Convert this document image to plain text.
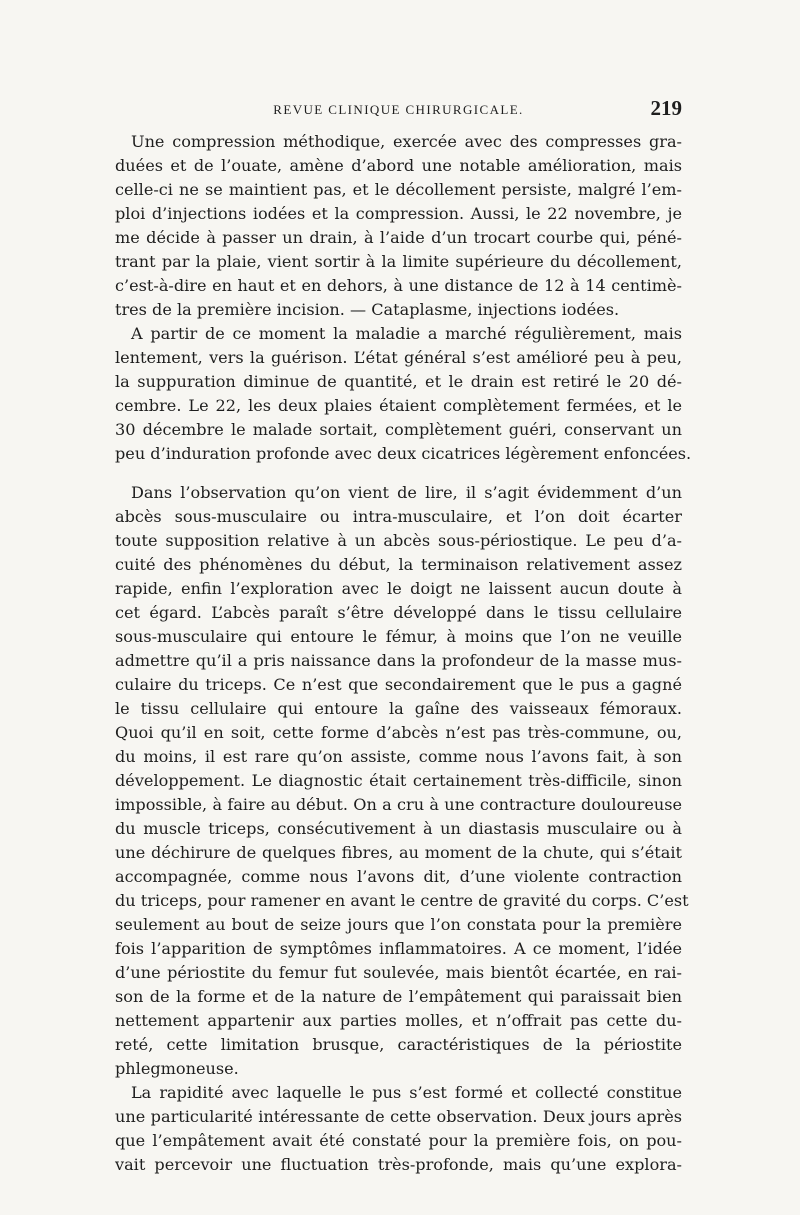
REVUE CLINIQUE CHIRURGICALE.	219
Une compression méthodique, exercée avec des compresses gra-
duées et de l’ouate, amène d’abord une notable amélioration, mais
celle-ci ne se maintient pas, et le décollement persiste, malgré l’em-
ploi d’injections iodées et la compression. Aussi, le 22 novembre, je
me décide à passer un drain, à l’aide d’un trocart courbe qui, péné-
trant par la plaie, vient sortir à la limite supérieure du décollement,
c’est-à-dire en haut et en dehors, à une distance de 12 à 14 centimè-
tres de la première incision. — Cataplasme, injections iodées.
A partir de ce moment la maladie a marché régulièrement, mais
lentement, vers la guérison. L’état général s’est amélioré peu à peu,
la suppuration diminue de quantité, et le drain est retiré le 20 dé-
cembre. Le 22, les deux plaies étaient complètement fermées, et le
30 décembre le malade sortait, complètement guéri, conservant un
peu d’induration profonde avec deux cicatrices légèrement enfoncées.
Dans l’observation qu’on vient de lire, il s’agit évidemment d’un
abcès sous-musculaire ou intra-musculaire, et l’on doit écarter
toute supposition relative à un abcès sous-périostique. Le peu d’a-
cuité des phénomènes du début, la terminaison relativement assez
rapide, enfin l’exploration avec le doigt ne laissent aucun doute à
cet égard. L’abcès paraît s’être développé dans le tissu cellulaire
sous-musculaire qui entoure le fémur, à moins que l’on ne veuille
admettre qu’il a pris naissance dans la profondeur de la masse mus-
culaire du triceps. Ce n’est que secondairement que le pus a gagné
le tissu cellulaire qui entoure la gaîne des vaisseaux fémoraux.
Quoi qu’il en soit, cette forme d’abcès n’est pas très-commune, ou,
du moins, il est rare qu’on assiste, comme nous l’avons fait, à son
développement. Le diagnostic était certainement très-difficile, sinon
impossible, à faire au début. On a cru à une contracture douloureuse
du muscle triceps, consécutivement à un diastasis musculaire ou à
une déchirure de quelques fibres, au moment de la chute, qui s’était
accompagnée, comme nous l’avons dit, d’une violente contraction
du triceps, pour ramener en avant le centre de gravité du corps. C’est
seulement au bout de seize jours que l’on constata pour la première
fois l’apparition de symptômes inflammatoires. A ce moment, l’idée
d’une périostite du femur fut soulevée, mais bientôt écartée, en rai-
son de la forme et de la nature de l’empâtement qui paraissait bien
nettement appartenir aux parties molles, et n’offrait pas cette du-
reté, cette limitation brusque, caractéristiques de la périostite
phlegmoneuse.
La rapidité avec laquelle le pus s’est formé et collecté constitue
une particularité intéressante de cette observation. Deux jours après
que l’empâtement avait été constaté pour la première fois, on pou-
vait percevoir une fluctuation très-profonde, mais qu’une explora-
